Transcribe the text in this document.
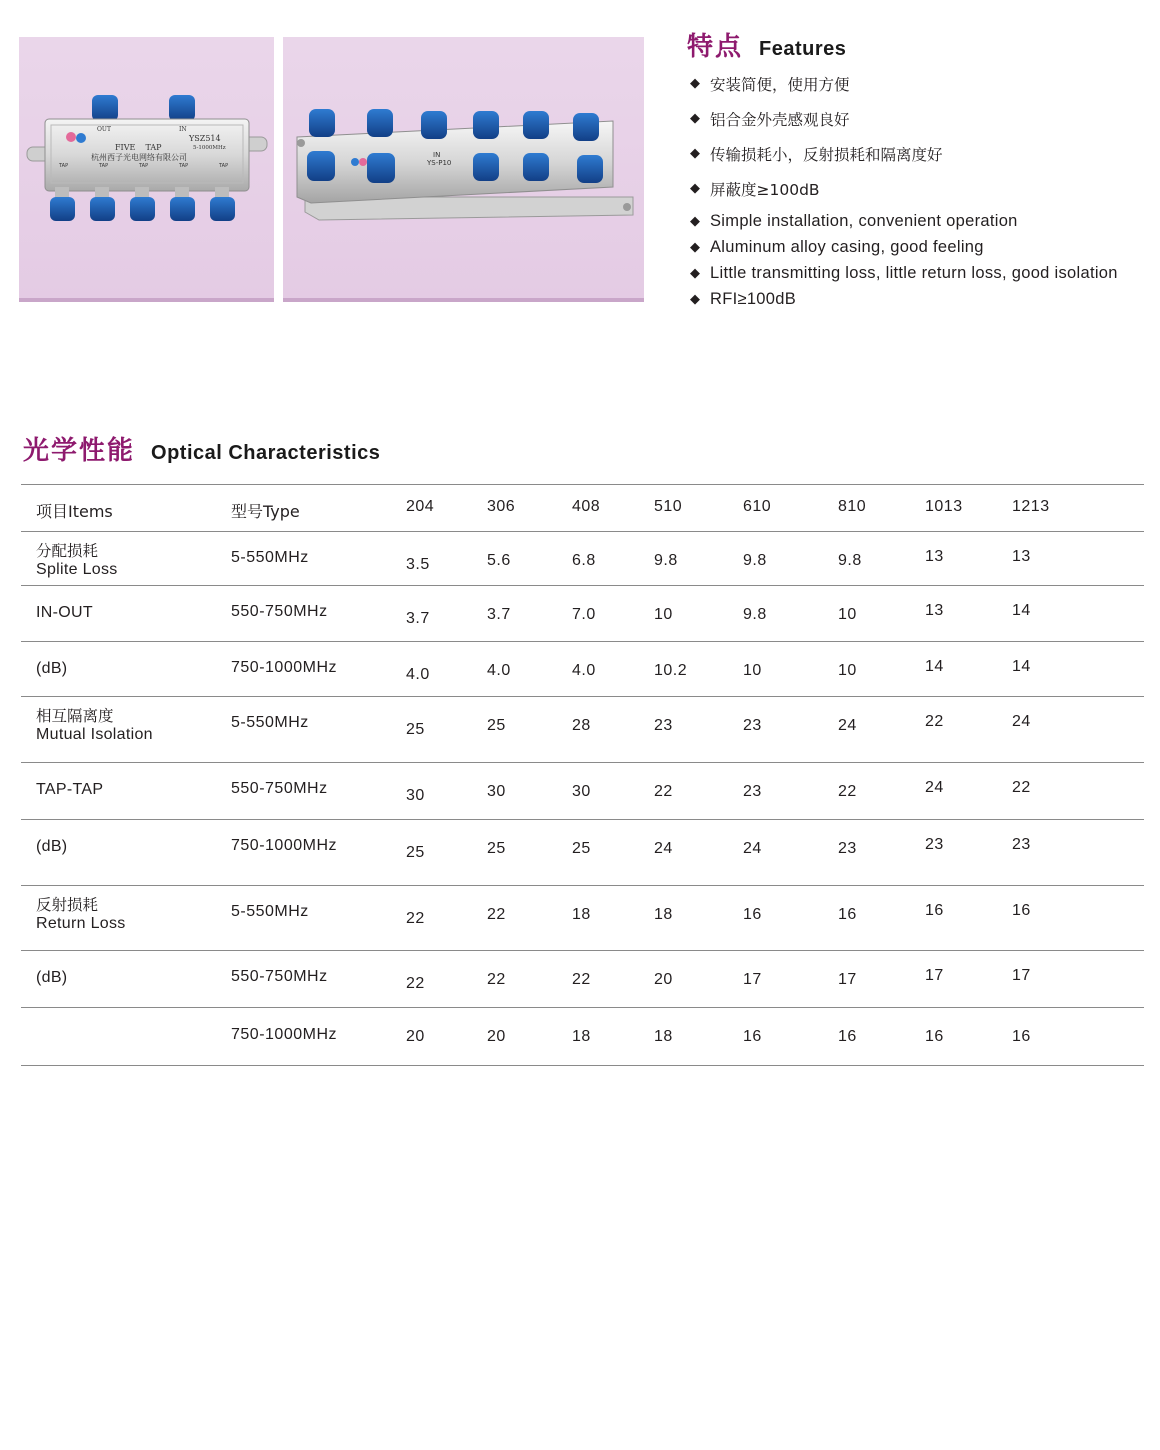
OUT	IN
YSZ514
5-1000MHz
FIVE    TAP
杭州西子光电网络有限公司
TAP	TAP	TAP	TAP	TAP
IN
YS-P10
特点 Features
◆ 安装简便，使用方便
◆ 铝合金外壳感观良好
◆ 传输损耗小，反射损耗和隔离度好
◆ 屏蔽度≥100dB
◆ Simple installation, convenient operation
◆ Aluminum alloy casing, good feeling
◆ Little transmitting loss, little return loss, good isolation
◆ RFI≥100dB
光学性能 Optical Characteristics
项目Items	型号Type	204	306	408	510	610	810	1013	1213
分配损耗
Splite Loss
5-550MHz	3.5	5.6	6.8	9.8	9.8	9.8	13	13
IN-OUT	550-750MHz	3.7	3.7	7.0	10	9.8	10	13	14
(dB)	750-1000MHz	4.0	4.0	4.0	10.2	10	10	14	14
相互隔离度
Mutual Isolation
5-550MHz	25	25	28	23	23	24	22	24
TAP-TAP	550-750MHz	30	30	30	22	23	22	24	22
(dB)	750-1000MHz	25	25	25	24	24	23	23	23
反射损耗
Return Loss
5-550MHz	22	22	18	18	16	16	16	16
(dB)	550-750MHz	22	22	22	20	17	17	17	17
750-1000MHz	20	20	18	18	16	16	16	16
